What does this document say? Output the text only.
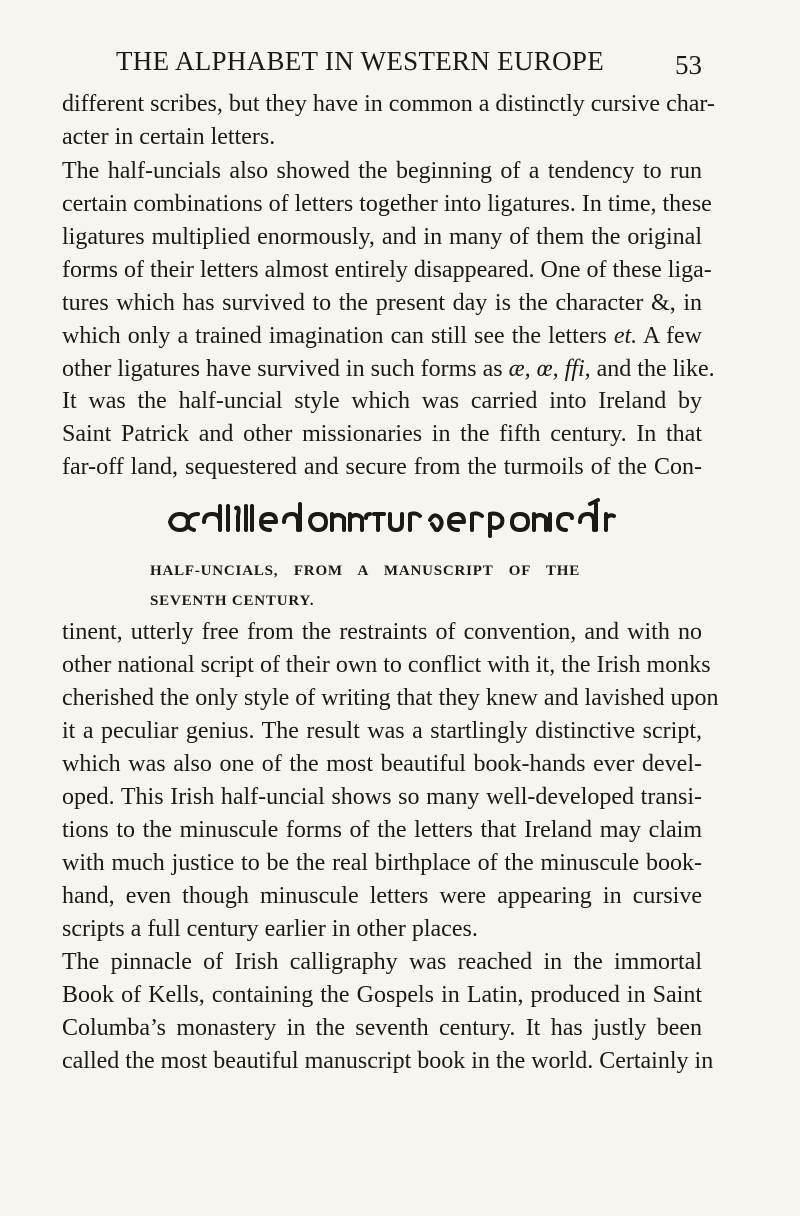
THE ALPHABET IN WESTERN EUROPE	53
different scribes, but they have in common a distinctly cursive char-
acter in certain letters.
The half-uncials also showed the beginning of a tendency to run
certain combinations of letters together into ligatures. In time, these
ligatures multiplied enormously, and in many of them the original
forms of their letters almost entirely disappeared. One of these liga-
tures which has survived to the present day is the character &, in
which only a trained imagination can still see the letters et. A few
other ligatures have survived in such forms as æ, œ, ffi, and the like.
It was the half-uncial style which was carried into Ireland by
Saint Patrick and other missionaries in the fifth century. In that
far-off land, sequestered and secure from the turmoils of the Con-
HALF-UNCIALS, FROM A MANUSCRIPT OF THE
SEVENTH CENTURY.
tinent, utterly free from the restraints of convention, and with no
other national script of their own to conflict with it, the Irish monks
cherished the only style of writing that they knew and lavished upon
it a peculiar genius. The result was a startlingly distinctive script,
which was also one of the most beautiful book-hands ever devel-
oped. This Irish half-uncial shows so many well-developed transi-
tions to the minuscule forms of the letters that Ireland may claim
with much justice to be the real birthplace of the minuscule book-
hand, even though minuscule letters were appearing in cursive
scripts a full century earlier in other places.
The pinnacle of Irish calligraphy was reached in the immortal
Book of Kells, containing the Gospels in Latin, produced in Saint
Columba’s monastery in the seventh century. It has justly been
called the most beautiful manuscript book in the world. Certainly in
